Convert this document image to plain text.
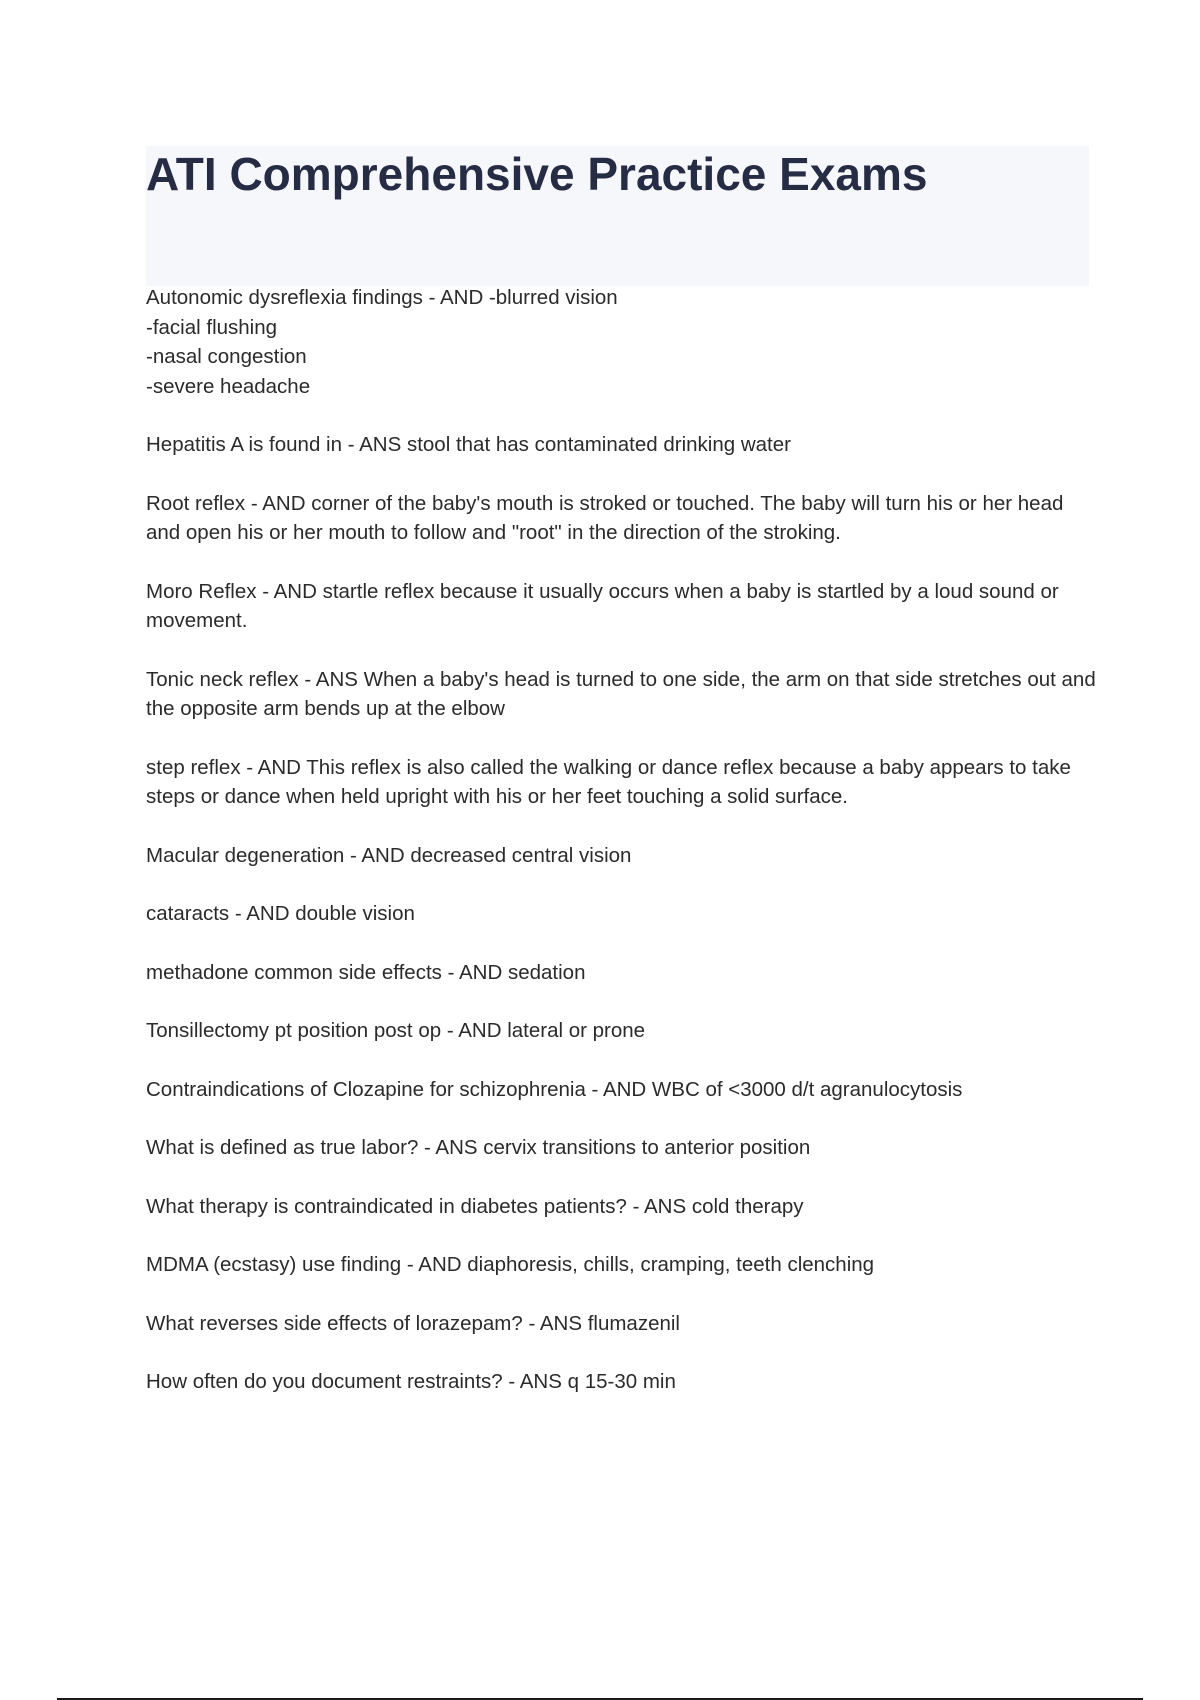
ATI Comprehensive Practice Exams

Autonomic dysreflexia findings - AND -blurred vision
-facial flushing
-nasal congestion
-severe headache

Hepatitis A is found in - ANS stool that has contaminated drinking water

Root reflex - AND corner of the baby's mouth is stroked or touched. The baby will turn his or her head and open his or her mouth to follow and "root" in the direction of the stroking.

Moro Reflex - AND startle reflex because it usually occurs when a baby is startled by a loud sound or movement.

Tonic neck reflex - ANS When a baby's head is turned to one side, the arm on that side stretches out and the opposite arm bends up at the elbow

step reflex - AND This reflex is also called the walking or dance reflex because a baby appears to take steps or dance when held upright with his or her feet touching a solid surface.

Macular degeneration - AND decreased central vision

cataracts - AND double vision

methadone common side effects - AND sedation

Tonsillectomy pt position post op - AND lateral or prone

Contraindications of Clozapine for schizophrenia - AND WBC of <3000 d/t agranulocytosis

What is defined as true labor? - ANS cervix transitions to anterior position

What therapy is contraindicated in diabetes patients? - ANS cold therapy

MDMA (ecstasy) use finding - AND diaphoresis, chills, cramping, teeth clenching

What reverses side effects of lorazepam? - ANS flumazenil

How often do you document restraints? - ANS q 15-30 min
